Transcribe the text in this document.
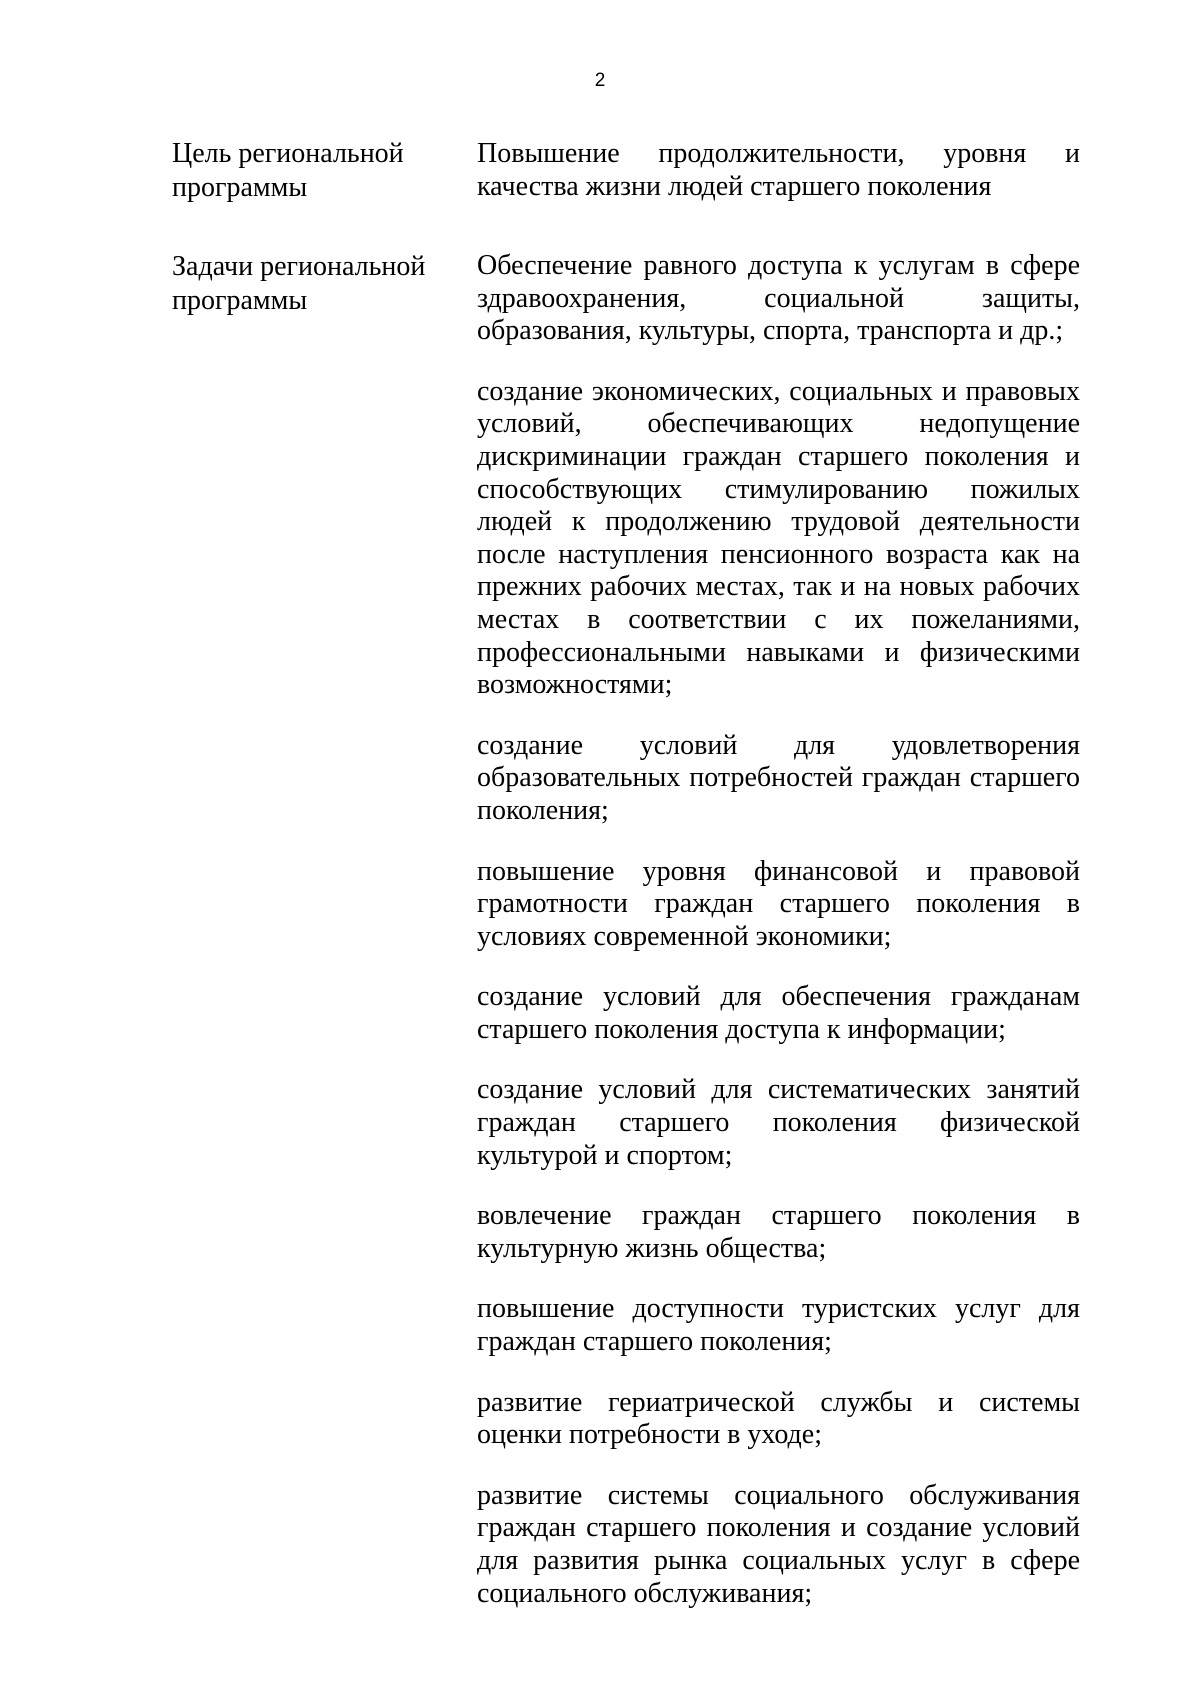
2
Цель региональной программы

Повышение продолжительности, уровня и качества жизни людей старшего поколения

Задачи региональной программы

Обеспечение равного доступа к услугам в сфере здравоохранения, социальной защиты, образования, культуры, спорта, транспорта и др.;

создание экономических, социальных и правовых условий, обеспечивающих недопущение дискриминации граждан старшего поколения и способствующих стимулированию пожилых людей к продолжению трудовой деятельности после наступления пенсионного возраста как на прежних рабочих местах, так и на новых рабочих местах в соответствии с их пожеланиями, профессиональными навыками и физическими возможностями;

создание условий для удовлетворения образовательных потребностей граждан старшего поколения;

повышение уровня финансовой и правовой грамотности граждан старшего поколения в условиях современной экономики;

создание условий для обеспечения гражданам старшего поколения доступа к информации;

создание условий для систематических занятий граждан старшего поколения физической культурой и спортом;

вовлечение граждан старшего поколения в культурную жизнь общества;

повышение доступности туристских услуг для граждан старшего поколения;

развитие гериатрической службы и системы оценки потребности в уходе;

развитие системы социального обслуживания граждан старшего поколения и создание условий для развития рынка социальных услуг в сфере социального обслуживания;
